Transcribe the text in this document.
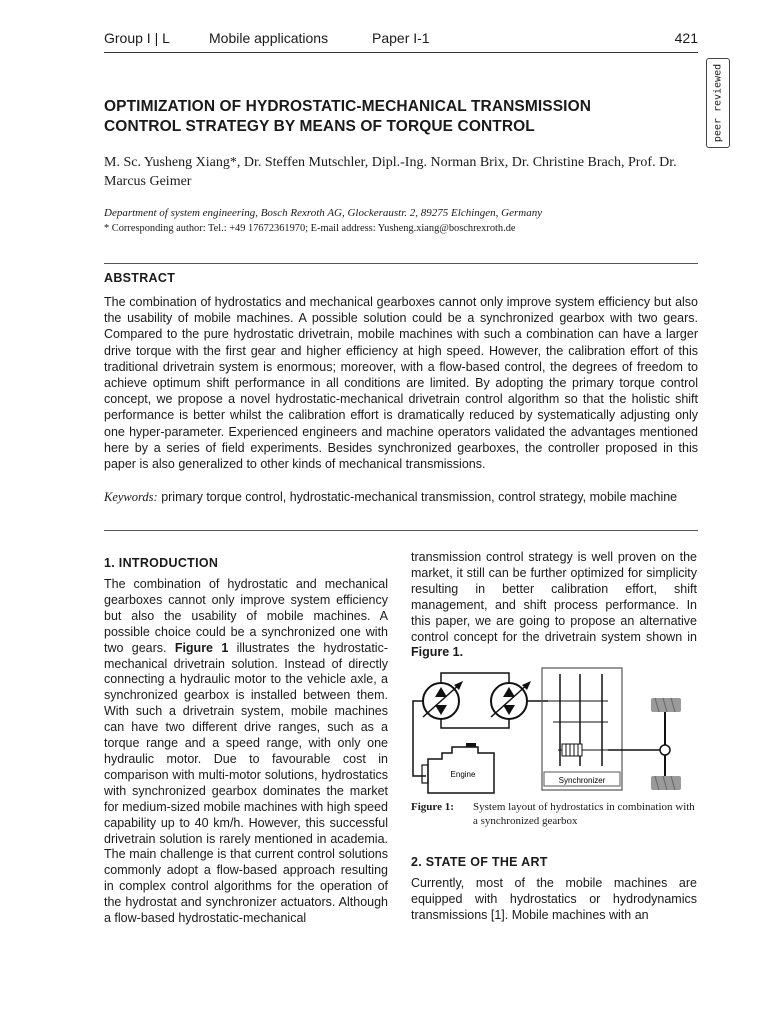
Group I | L	Mobile applications	Paper I-1	421
peer reviewed
OPTIMIZATION OF HYDROSTATIC-MECHANICAL TRANSMISSION
CONTROL STRATEGY BY MEANS OF TORQUE CONTROL
M. Sc. Yusheng Xiang*, Dr. Steffen Mutschler, Dipl.-Ing. Norman Brix, Dr. Christine Brach, Prof. Dr. Marcus Geimer
Department of system engineering, Bosch Rexroth AG, Glockeraustr. 2, 89275 Elchingen, Germany
* Corresponding author: Tel.: +49 17672361970; E-mail address: Yusheng.xiang@boschrexroth.de
ABSTRACT

The combination of hydrostatics and mechanical gearboxes cannot only improve system efficiency but also the usability of mobile machines. A possible solution could be a synchronized gearbox with two gears. Compared to the pure hydrostatic drivetrain, mobile machines with such a combination can have a larger drive torque with the first gear and higher efficiency at high speed. However, the calibration effort of this traditional drivetrain system is enormous; moreover, with a flow-based control, the degrees of freedom to achieve optimum shift performance in all conditions are limited. By adopting the primary torque control concept, we propose a novel hydrostatic-mechanical drivetrain control algorithm so that the holistic shift performance is better whilst the calibration effort is dramatically reduced by systematically adjusting only one hyper-parameter. Experienced engineers and machine operators validated the advantages mentioned here by a series of field experiments. Besides synchronized gearboxes, the controller proposed in this paper is also generalized to other kinds of mechanical transmissions.

Keywords: primary torque control, hydrostatic-mechanical transmission, control strategy, mobile machine
1. INTRODUCTION

The combination of hydrostatic and mechanical gearboxes cannot only improve system efficiency but also the usability of mobile machines. A possible choice could be a synchronized one with two gears. Figure 1 illustrates the hydrostatic-mechanical drivetrain solution. Instead of directly connecting a hydraulic motor to the vehicle axle, a synchronized gearbox is installed between them. With such a drivetrain system, mobile machines can have two different drive ranges, such as a torque range and a speed range, with only one hydraulic motor. Due to favourable cost in comparison with multi-motor solutions, hydrostatics with synchronized gearbox dominates the market for medium-sized mobile machines with high speed capability up to 40 km/h. However, this successful drivetrain solution is rarely mentioned in academia. The main challenge is that current control solutions commonly adopt a flow-based approach resulting in complex control algorithms for the operation of the hydrostat and synchronizer actuators. Although a flow-based hydrostatic-mechanical

transmission control strategy is well proven on the market, it still can be further optimized for simplicity resulting in better calibration effort, shift management, and shift process performance. In this paper, we are going to propose an alternative control concept for the drivetrain system shown in Figure 1.

Engine
Synchronizer
Figure 1: System layout of hydrostatics in combination with a synchronized gearbox
2. STATE OF THE ART

Currently, most of the mobile machines are equipped with hydrostatics or hydrodynamics transmissions [1]. Mobile machines with an
